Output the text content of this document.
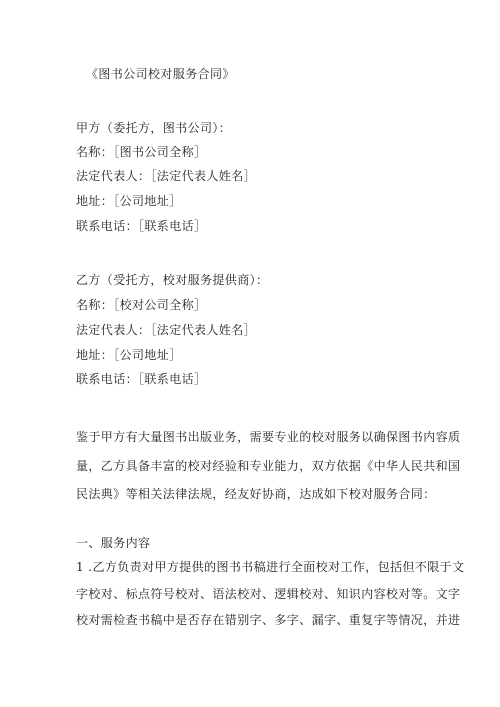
《图书公司校对服务合同》
甲方（委托方，图书公司）：
名称：［图书公司全称］
法定代表人：［法定代表人姓名］
地址：［公司地址］
联系电话：［联系电话］
乙方（受托方，校对服务提供商）：
名称：［校对公司全称］
法定代表人：［法定代表人姓名］
地址：［公司地址］
联系电话：［联系电话］
鉴于甲方有大量图书出版业务，需要专业的校对服务以确保图书内容质
量，乙方具备丰富的校对经验和专业能力，双方依据《中华人民共和国
民法典》等相关法律法规，经友好协商，达成如下校对服务合同：
一、服务内容
1 .乙方负责对甲方提供的图书书稿进行全面校对工作，包括但不限于文
字校对、标点符号校对、语法校对、逻辑校对、知识内容校对等。文字
校对需检查书稿中是否存在错别字、多字、漏字、重复字等情况，并进
